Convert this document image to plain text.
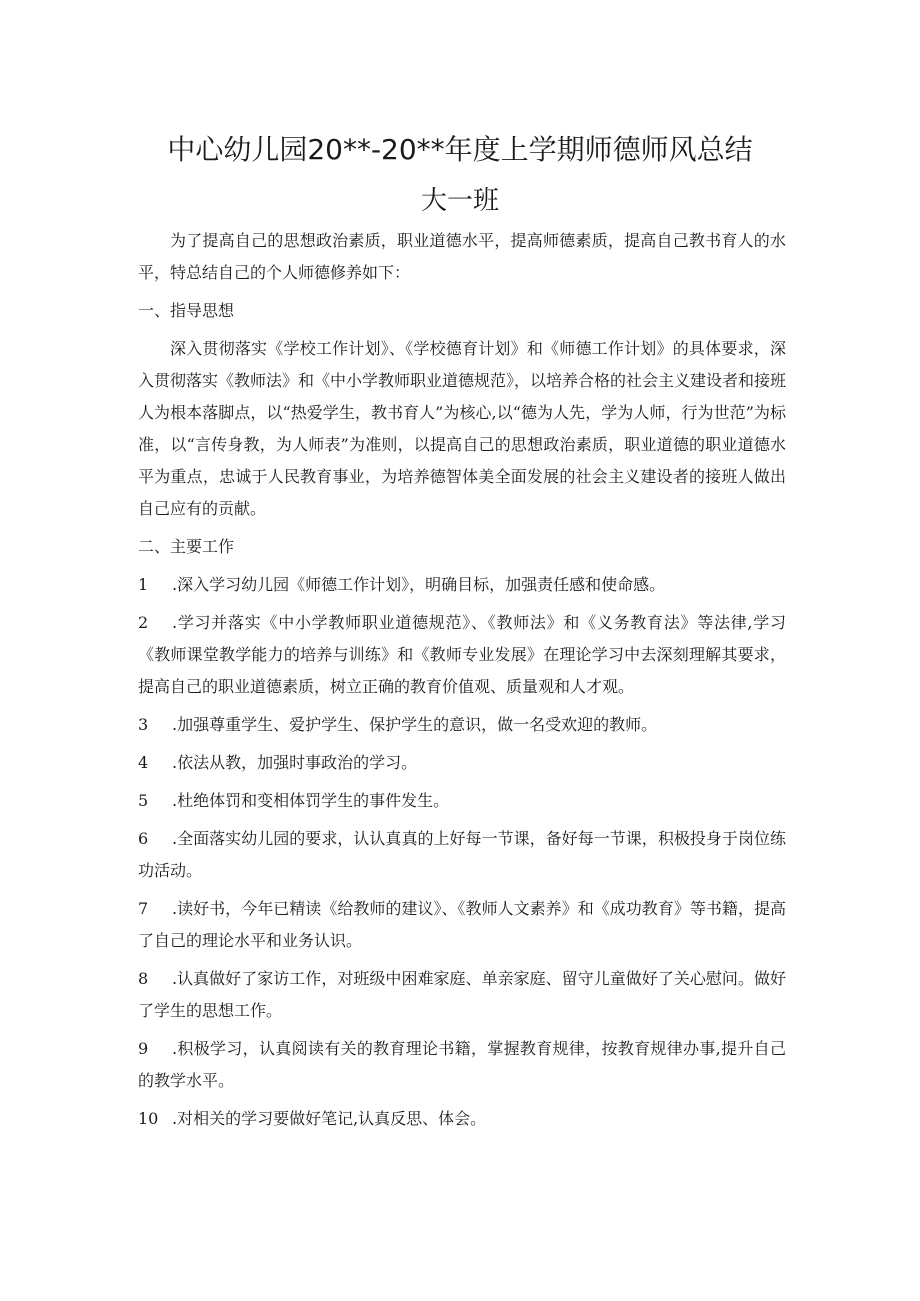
中心幼儿园20**-20**年度上学期师德师风总结
大一班

为了提高自己的思想政治素质，职业道德水平，提高师德素质，提高自己教书育人的水平，特总结自己的个人师德修养如下：

一、指导思想

深入贯彻落实《学校工作计划》、《学校德育计划》和《师德工作计划》的具体要求，深入贯彻落实《教师法》和《中小学教师职业道德规范》，以培养合格的社会主义建设者和接班人为根本落脚点，以“热爱学生，教书育人”为核心,以“德为人先，学为人师，行为世范”为标准，以“言传身教，为人师表”为准则，以提高自己的思想政治素质，职业道德的职业道德水平为重点，忠诚于人民教育事业，为培养德智体美全面发展的社会主义建设者的接班人做出自己应有的贡献。

二、主要工作

1 .深入学习幼儿园《师德工作计划》，明确目标，加强责任感和使命感。

2 .学习并落实《中小学教师职业道德规范》、《教师法》和《义务教育法》等法律,学习《教师课堂教学能力的培养与训练》和《教师专业发展》在理论学习中去深刻理解其要求，提高自己的职业道德素质，树立正确的教育价值观、质量观和人才观。

3 .加强尊重学生、爱护学生、保护学生的意识，做一名受欢迎的教师。

4 .依法从教，加强时事政治的学习。

5 .杜绝体罚和变相体罚学生的事件发生。

6 .全面落实幼儿园的要求，认认真真的上好每一节课，备好每一节课，积极投身于岗位练功活动。

7 .读好书，今年已精读《给教师的建议》、《教师人文素养》和《成功教育》等书籍，提高了自己的理论水平和业务认识。

8 .认真做好了家访工作，对班级中困难家庭、单亲家庭、留守儿童做好了关心慰问。做好了学生的思想工作。

9 .积极学习，认真阅读有关的教育理论书籍，掌握教育规律，按教育规律办事,提升自己的教学水平。

10 .对相关的学习要做好笔记,认真反思、体会。
